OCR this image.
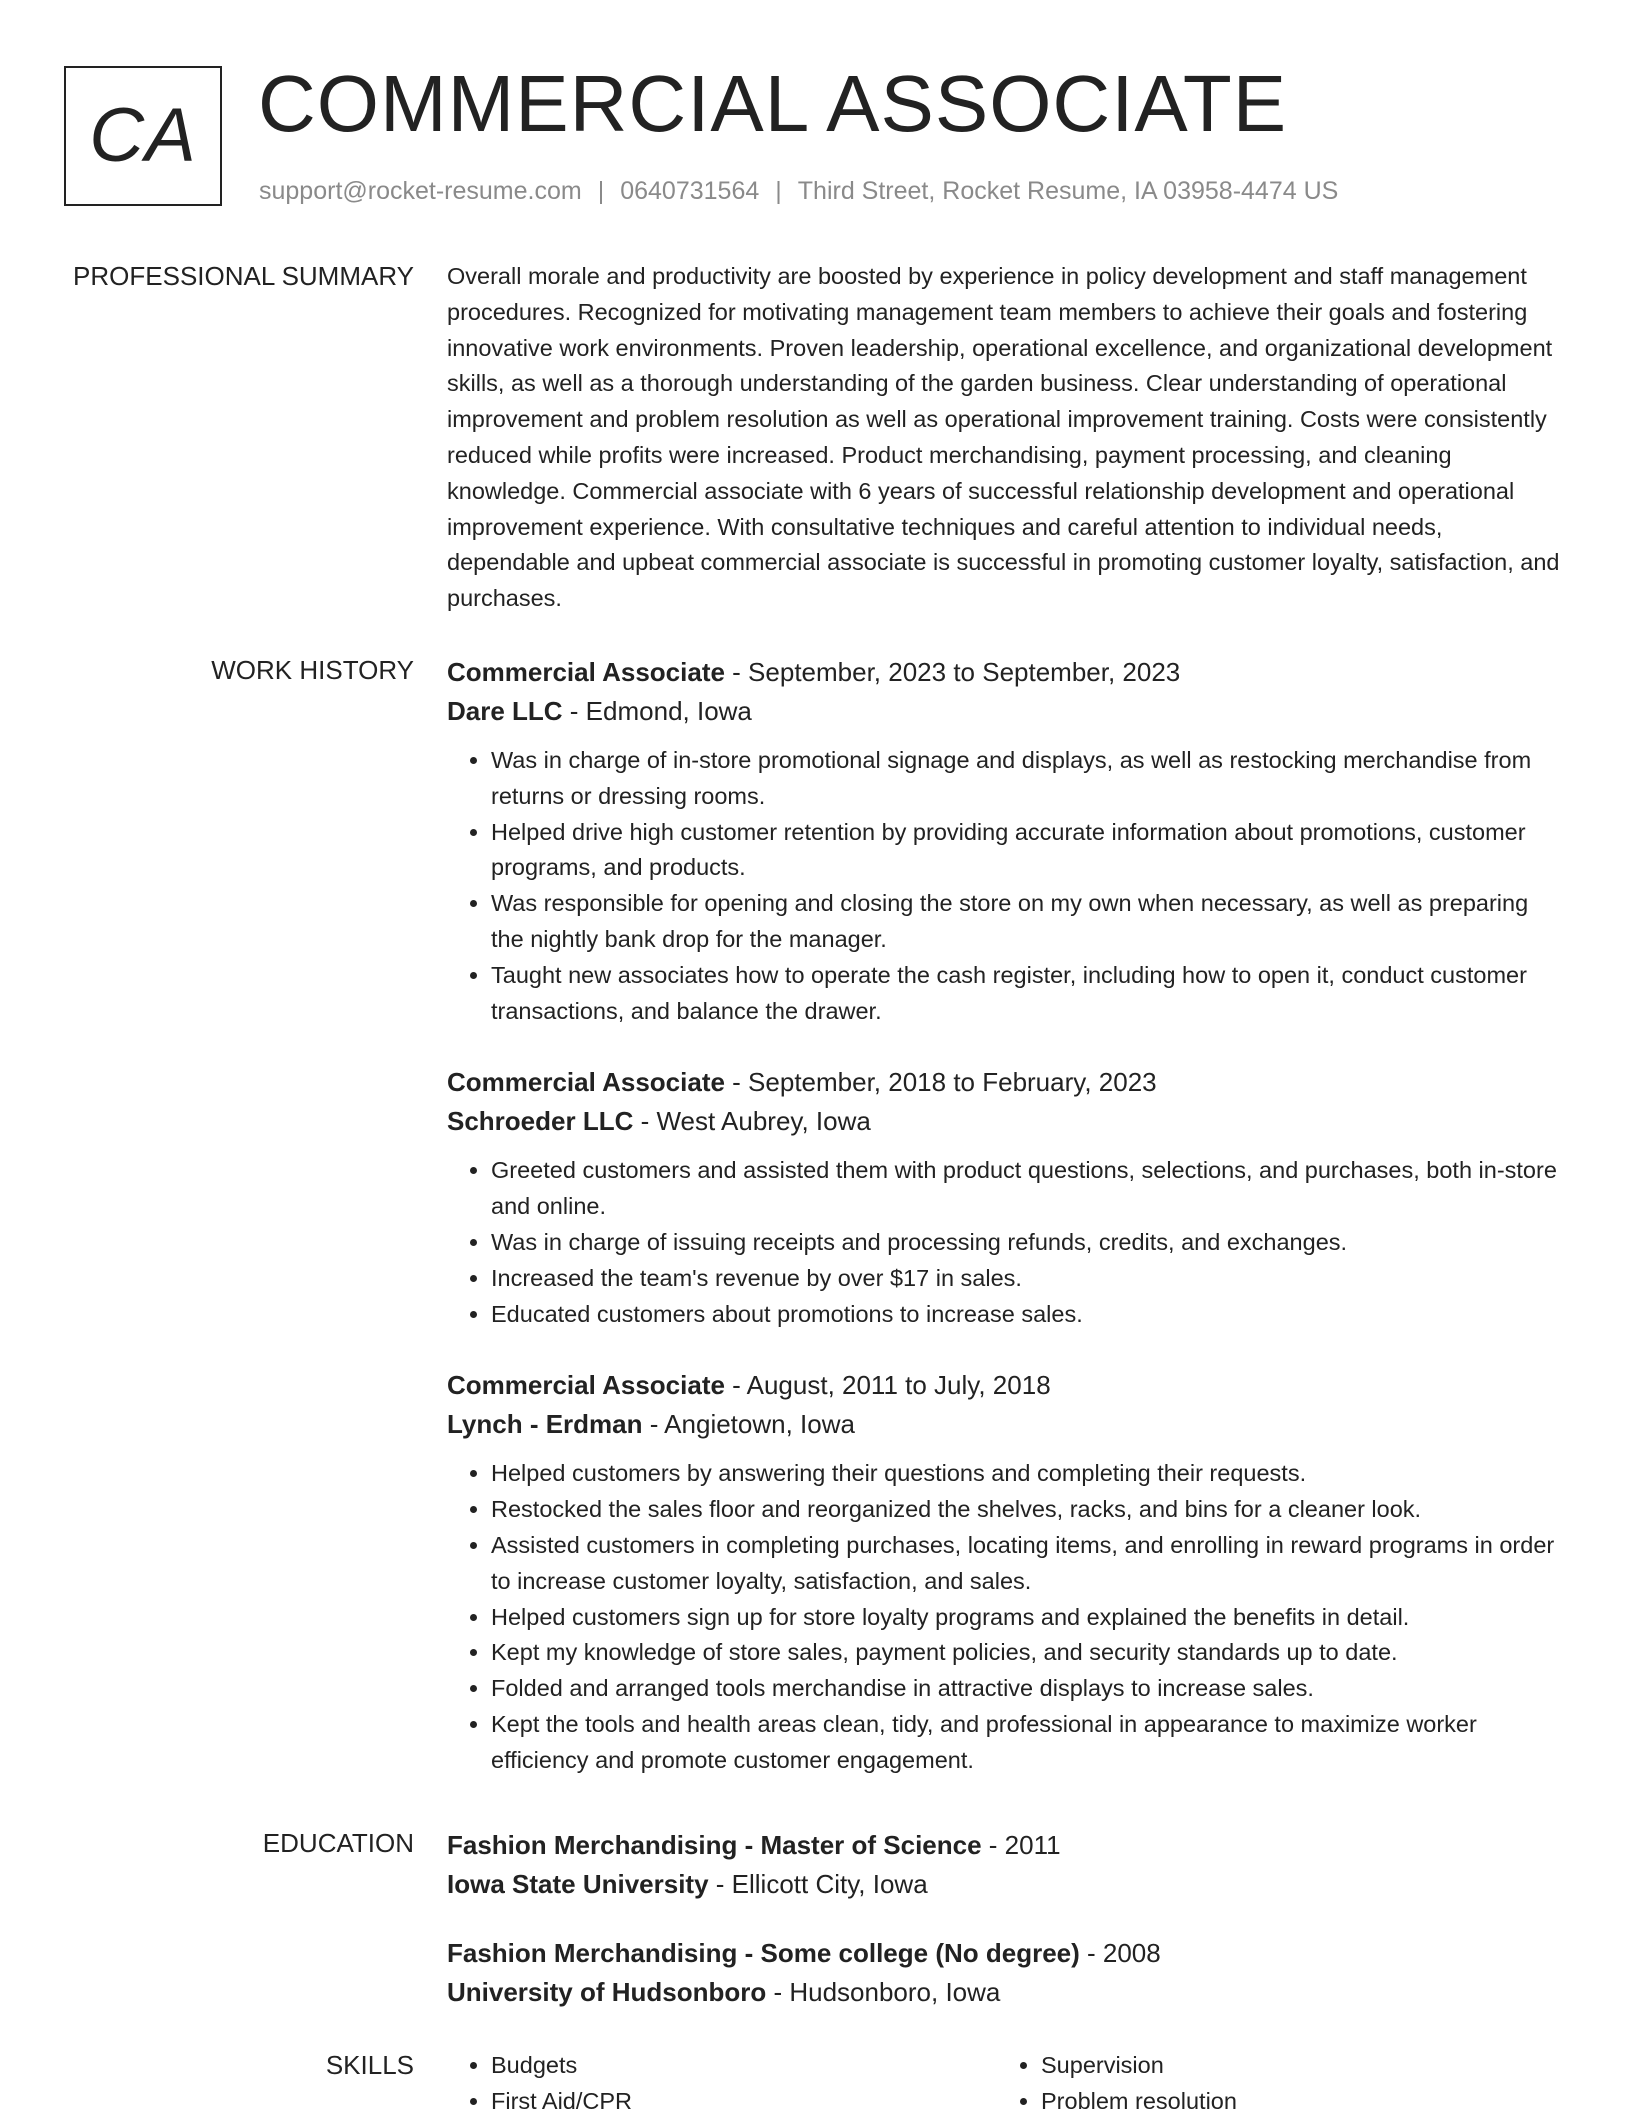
CA COMMERCIAL ASSOCIATE
support@rocket-resume.com | 0640731564 | Third Street, Rocket Resume, IA 03958-4474 US
PROFESSIONAL SUMMARY Overall morale and productivity are boosted by experience in policy development and staff management procedures. Recognized for motivating management team members to achieve their goals and fostering innovative work environments. Proven leadership, operational excellence, and organizational development skills, as well as a thorough understanding of the garden business. Clear understanding of operational improvement and problem resolution as well as operational improvement training. Costs were consistently reduced while profits were increased. Product merchandising, payment processing, and cleaning knowledge. Commercial associate with 6 years of successful relationship development and operational improvement experience. With consultative techniques and careful attention to individual needs, dependable and upbeat commercial associate is successful in promoting customer loyalty, satisfaction, and purchases.

WORK HISTORY Commercial Associate - September, 2023 to September, 2023
Dare LLC - Edmond, Iowa
• Was in charge of in-store promotional signage and displays, as well as restocking merchandise from returns or dressing rooms.
• Helped drive high customer retention by providing accurate information about promotions, customer programs, and products.
• Was responsible for opening and closing the store on my own when necessary, as well as preparing the nightly bank drop for the manager.
• Taught new associates how to operate the cash register, including how to open it, conduct customer transactions, and balance the drawer.
Commercial Associate - September, 2018 to February, 2023
Schroeder LLC - West Aubrey, Iowa
• Greeted customers and assisted them with product questions, selections, and purchases, both in-store and online.
• Was in charge of issuing receipts and processing refunds, credits, and exchanges.
• Increased the team's revenue by over $17 in sales.
• Educated customers about promotions to increase sales.
Commercial Associate - August, 2011 to July, 2018
Lynch - Erdman - Angietown, Iowa
• Helped customers by answering their questions and completing their requests.
• Restocked the sales floor and reorganized the shelves, racks, and bins for a cleaner look.
• Assisted customers in completing purchases, locating items, and enrolling in reward programs in order to increase customer loyalty, satisfaction, and sales.
• Helped customers sign up for store loyalty programs and explained the benefits in detail.
• Kept my knowledge of store sales, payment policies, and security standards up to date.
• Folded and arranged tools merchandise in attractive displays to increase sales.
• Kept the tools and health areas clean, tidy, and professional in appearance to maximize worker efficiency and promote customer engagement.
EDUCATION Fashion Merchandising - Master of Science - 2011
Iowa State University - Ellicott City, Iowa
Fashion Merchandising - Some college (No degree) - 2008
University of Hudsonboro - Hudsonboro, Iowa
SKILLS
•	Budgets
• First Aid/CPR
• Supervision
• Problem resolution
